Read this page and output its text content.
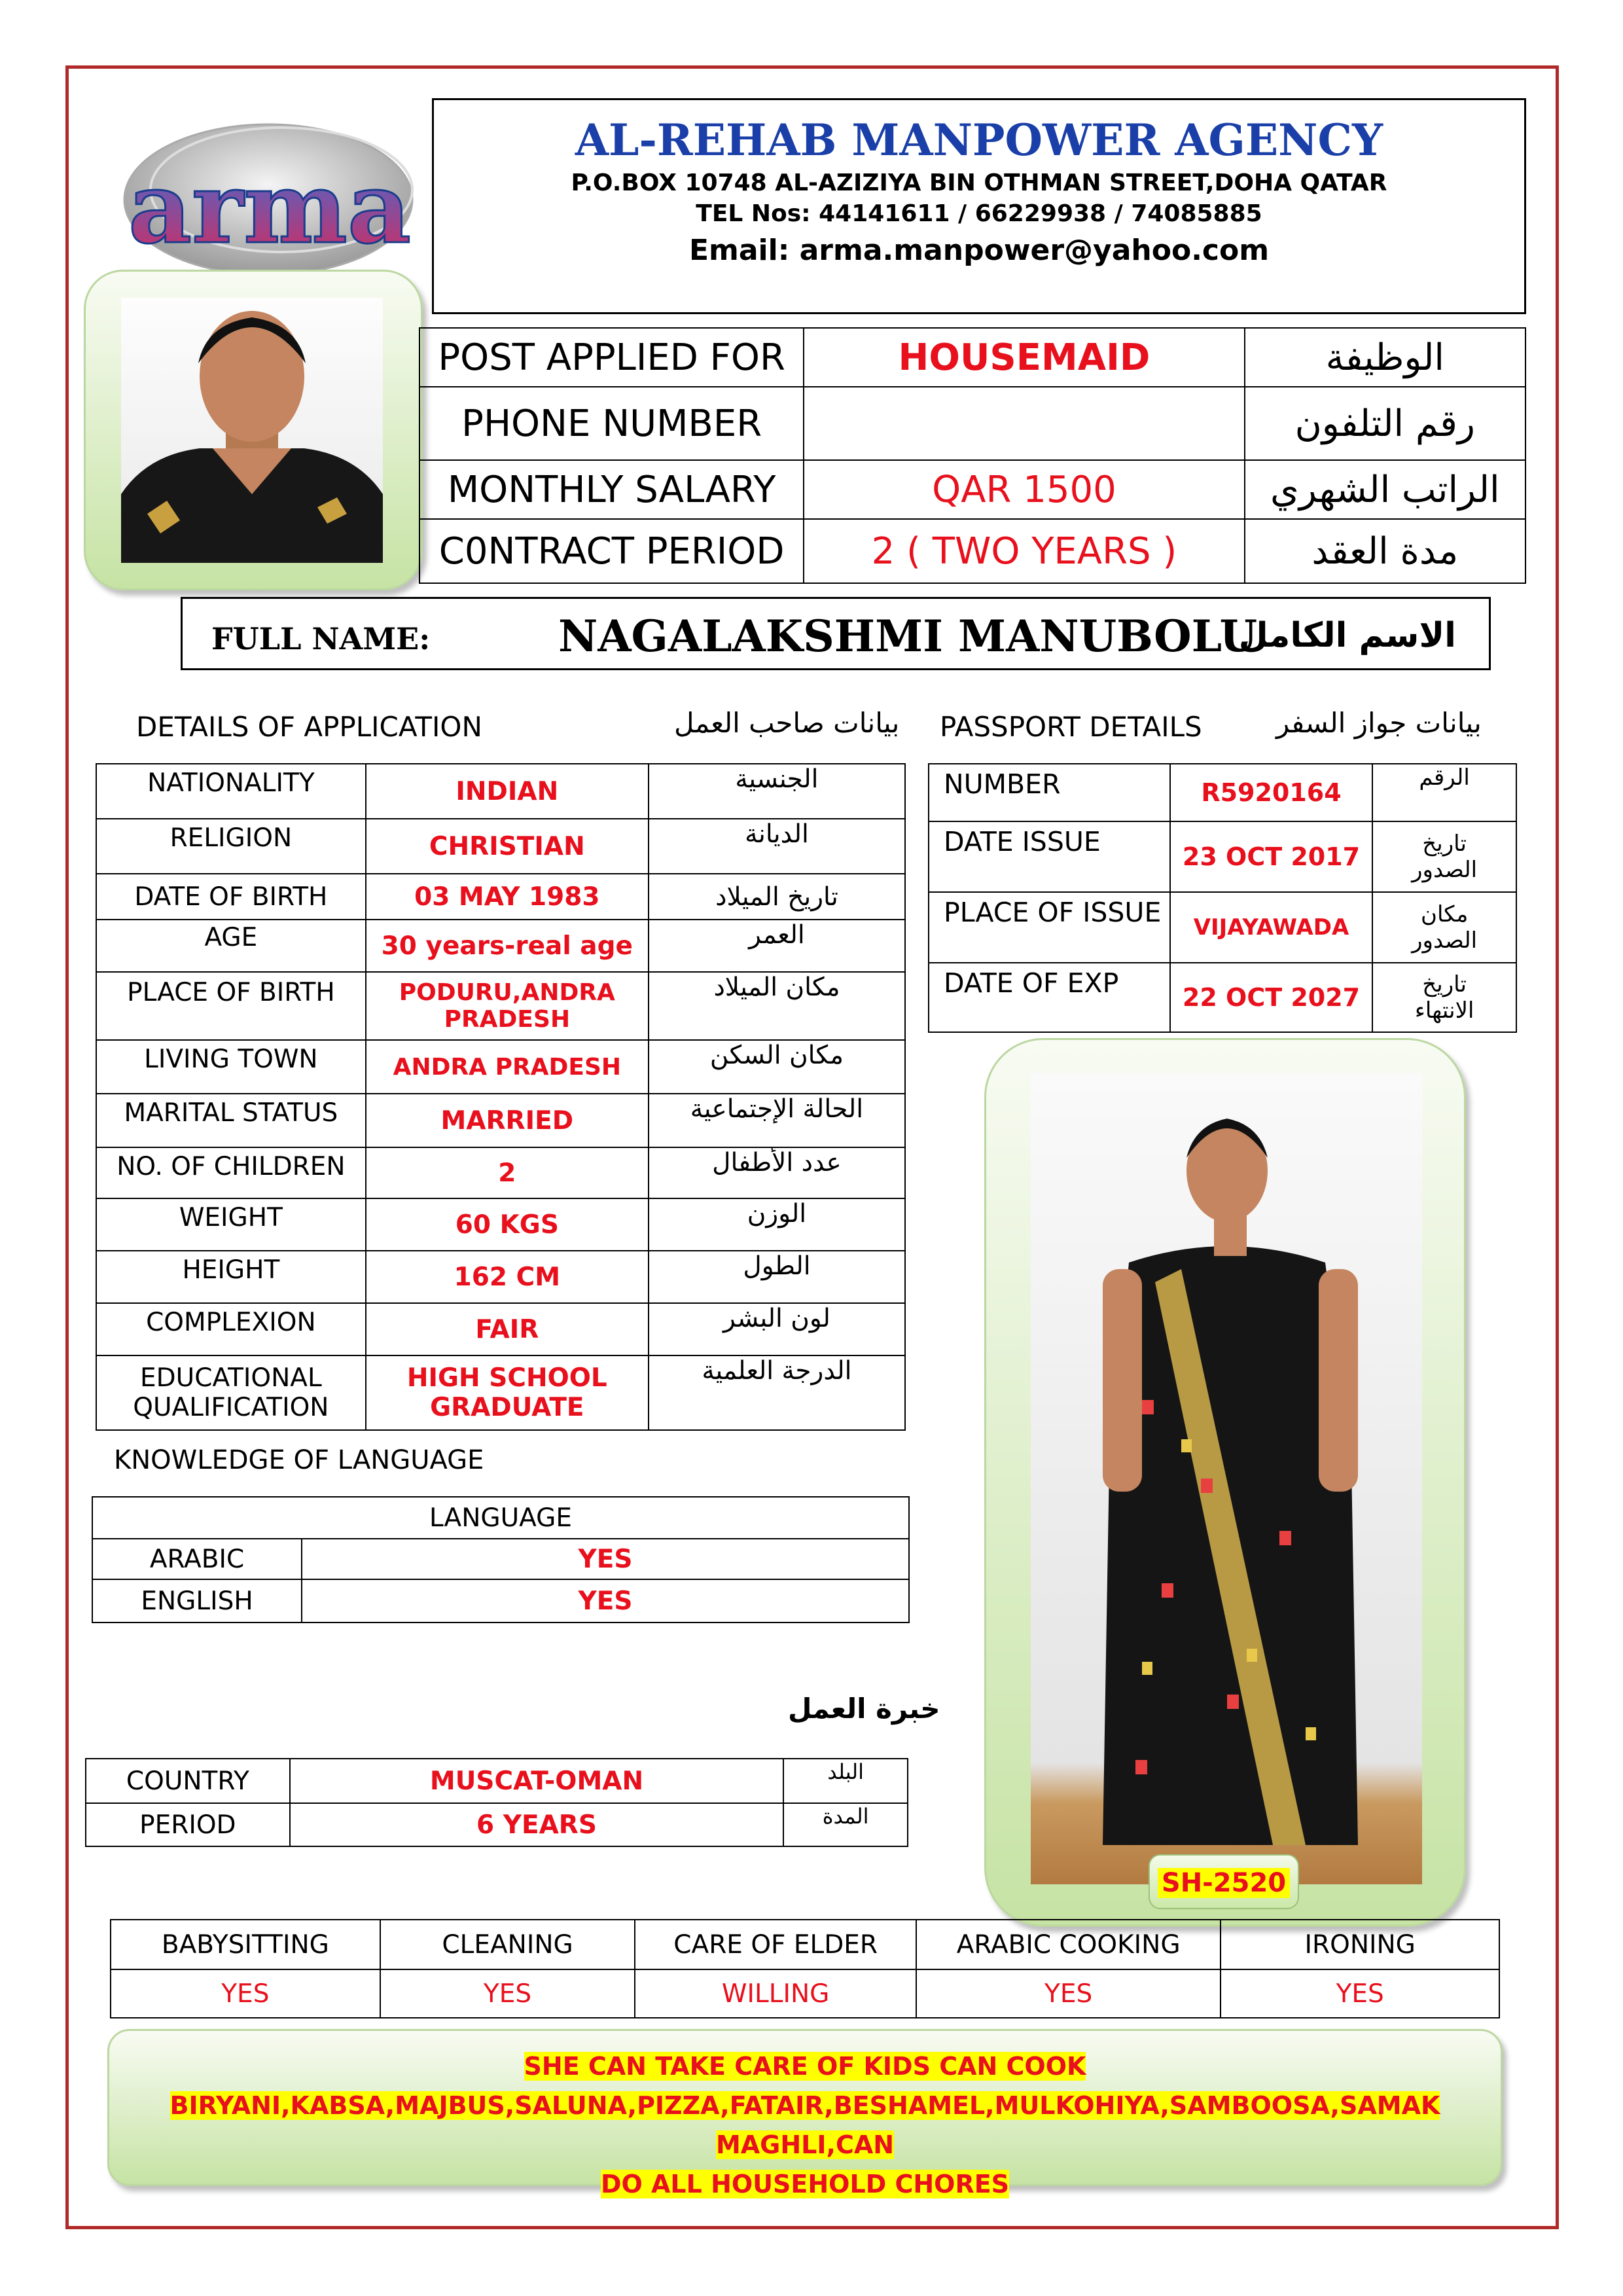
arma
AL-REHAB MANPOWER AGENCY
P.O.BOX 10748 AL-AZIZIYA BIN OTHMAN STREET,DOHA QATAR
TEL Nos: 44141611 / 66229938 / 74085885
Email: arma.manpower@yahoo.com
POST APPLIED FOR	HOUSEMAID	الوظيفة
PHONE NUMBER		رقم التلفون
MONTHLY SALARY	QAR 1500	الراتب الشهري
C0NTRACT PERIOD	2 ( TWO YEARS )	مدة العقد
FULL NAME:	NAGALAKSHMI MANUBOLU
الاسم الكامل
DETAILS OF APPLICATION	بيانات صاحب العمل PASSPORT DETAILS	بيانات جواز السفر
NATIONALITY	INDIAN	الجنسية
RELIGION	CHRISTIAN	الديانة
DATE OF BIRTH	03 MAY 1983	تاريخ الميلاد
AGE	30 years-real age	العمر
PLACE OF BIRTH	PODURU,ANDRA PRADESH	مكان الميلاد
LIVING TOWN	ANDRA PRADESH	مكان السكن
MARITAL STATUS	MARRIED	الحالة الإجتماعية
NO. OF CHILDREN	2	عدد الأطفال
WEIGHT	60 KGS	الوزن
HEIGHT	162 CM	الطول
COMPLEXION	FAIR	لون البشر
EDUCATIONAL QUALIFICATION	HIGH SCHOOL GRADUATE	الدرجة العلمية
NUMBER	R5920164	الرقم
DATE ISSUE	23 OCT 2017	تاريخ الصدور
PLACE OF ISSUE	VIJAYAWADA	مكان الصدور
DATE OF EXP	22 OCT 2027	تاريخ الانتهاء
SH-2520
KNOWLEDGE OF LANGUAGE
LANGUAGE	
ARABIC	YES
ENGLISH	YES
خبرة العمل
COUNTRY	MUSCAT-OMAN	البلد
PERIOD	6 YEARS	المدة
BABYSITTING	CLEANING	CARE OF ELDER	ARABIC COOKING	IRONING
YES	YES	WILLING	YES	YES
SHE CAN TAKE CARE OF KIDS CAN COOK
BIRYANI,KABSA,MAJBUS,SALUNA,PIZZA,FATAIR,BESHAMEL,MULKOHIYA,SAMBOOSA,SAMAK MAGHLI,CAN
DO ALL HOUSEHOLD CHORES
